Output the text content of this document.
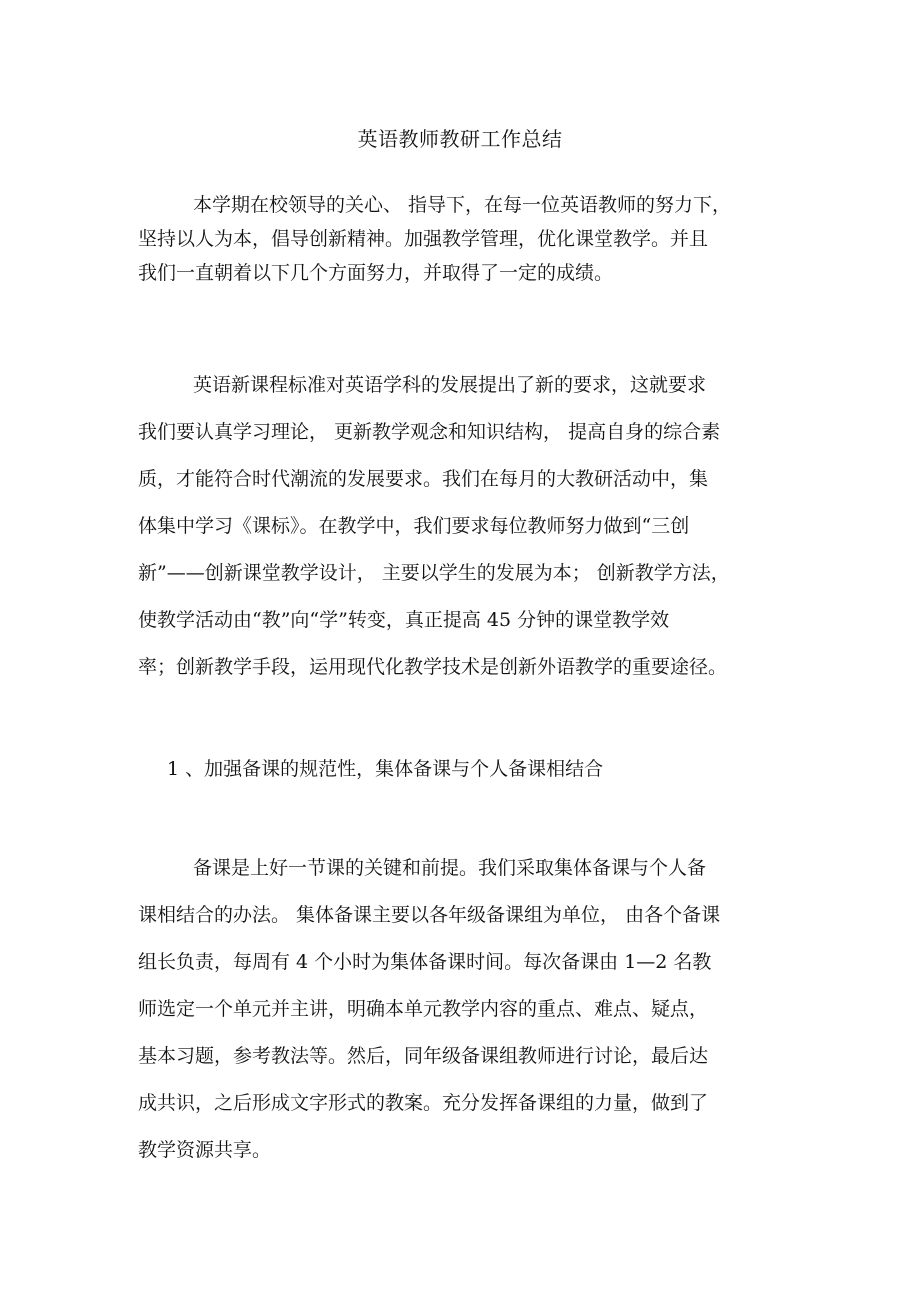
英语教师教研工作总结
本学期在校领导的关心、 指导下，在每一位英语教师的努力下，
坚持以人为本，倡导创新精神。加强教学管理，优化课堂教学。并且
我们一直朝着以下几个方面努力，并取得了一定的成绩。
英语新课程标准对英语学科的发展提出了新的要求，这就要求
我们要认真学习理论， 更新教学观念和知识结构， 提高自身的综合素
质，才能符合时代潮流的发展要求。我们在每月的大教研活动中，集
体集中学习《课标》。在教学中，我们要求每位教师努力做到“三创
新”——创新课堂教学设计， 主要以学生的发展为本； 创新教学方法，
使教学活动由“教”向“学”转变，真正提高 45 分钟的课堂教学效
率；创新教学手段，运用现代化教学技术是创新外语教学的重要途径。
1 、加强备课的规范性，集体备课与个人备课相结合
备课是上好一节课的关键和前提。我们采取集体备课与个人备
课相结合的办法。 集体备课主要以各年级备课组为单位， 由各个备课
组长负责，每周有 4 个小时为集体备课时间。每次备课由 1—2 名教
师选定一个单元并主讲，明确本单元教学内容的重点、难点、疑点，
基本习题，参考教法等。然后，同年级备课组教师进行讨论，最后达
成共识，之后形成文字形式的教案。充分发挥备课组的力量，做到了
教学资源共享。
